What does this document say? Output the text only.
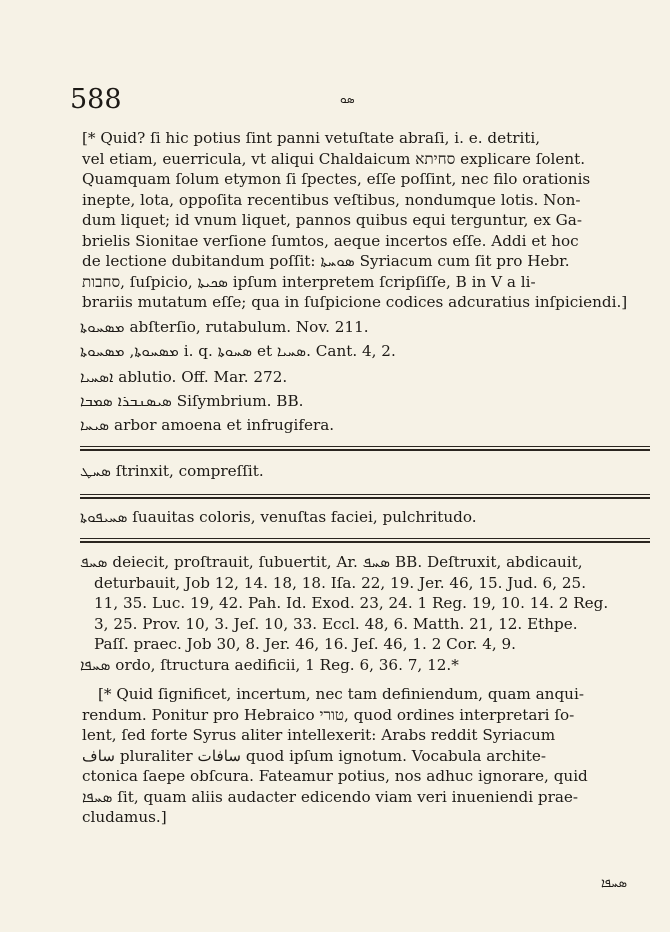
588	ܣܘ

[* Quid? ſi hic potius ſint panni vetuſtate abraſi, i. e. detriti,

vel etiam, euerricula, vt aliqui Chaldaicum סחיתא explicare ſolent.

Quamquam ſolum etymon ſi ſpectes, eſſe poſſint, nec filo orationis

inepte, lota, oppoſita recentibus veſtibus, nondumque lotis. Non-

dum liquet; id vnum liquet, pannos quibus equi terguntur, ex Ga-

brielis Sionitae verſione ſumtos, aeque incertos eſſe. Addi et hoc

de lectione dubitandum poſſit: ܣܘܚܬܐ Syriacum cum ſit pro Hebr.

סחבות, ſuſpicio, ܣܟܝܬܐ ipſum interpretem ſcripſiſſe, B in V a li-

brariis mutatum eſſe; qua in ſuſpicione codices adcuratius inſpiciendi.]

ܡܣܚܘܬܐ abſterſio, rutabulum. Nov. 211.
ܡܣܚܘܬܐ, ܡܣܚܘܬܐ i. q. ܣܚܘܬܐ et ܣܚܝܐ. Cant. 4, 2.
ܐܣܚܝܐ ablutio. Off. Mar. 272.
ܣܝܣܢܒܪܐ ܣܡܒܐ Siſymbrium. BB.
ܣܝܚܐ arbor amoena et infrugifera.
ܣܚܛ ſtrinxit, compreſſit.
ܣܚܝܦܘܬܐ ſuauitas coloris, venuſtas faciei, pulchritudo.

ܣܚܦ deiecit, proſtrauit, ſubuertit, Ar. ܣܚܦ BB. Deſtruxit, abdicauit,

deturbauit, Job 12, 14. 18, 18. Iſa. 22, 19. Jer. 46, 15. Jud. 6, 25.

11, 35. Luc. 19, 42. Pah. Id. Exod. 23, 24. 1 Reg. 19, 10. 14. 2 Reg.

3, 25. Prov. 10, 3. Jeſ. 10, 33. Eccl. 48, 6. Matth. 21, 12. Ethpe.

Paſſ. praec. Job 30, 8. Jer. 46, 16. Jeſ. 46, 1. 2 Cor. 4, 9.

ܣܚܦܐ ordo, ſtructura aedificii, 1 Reg. 6, 36. 7, 12.*

[* Quid ſignificet, incertum, nec tam definiendum, quam anqui-

rendum. Ponitur pro Hebraico טורי, quod ordines interpretari ſo-

lent, ſed forte Syrus aliter intellexerit: Arabs reddit Syriacum

ساف pluraliter سافات quod ipſum ignotum. Vocabula archite-

ctonica ſaepe obſcura. Fateamur potius, nos adhuc ignorare, quid

ܣܚܦܐ ſit, quam aliis audacter edicendo viam veri inueniendi prae-

cludamus.]

ܣܚܦܐ
